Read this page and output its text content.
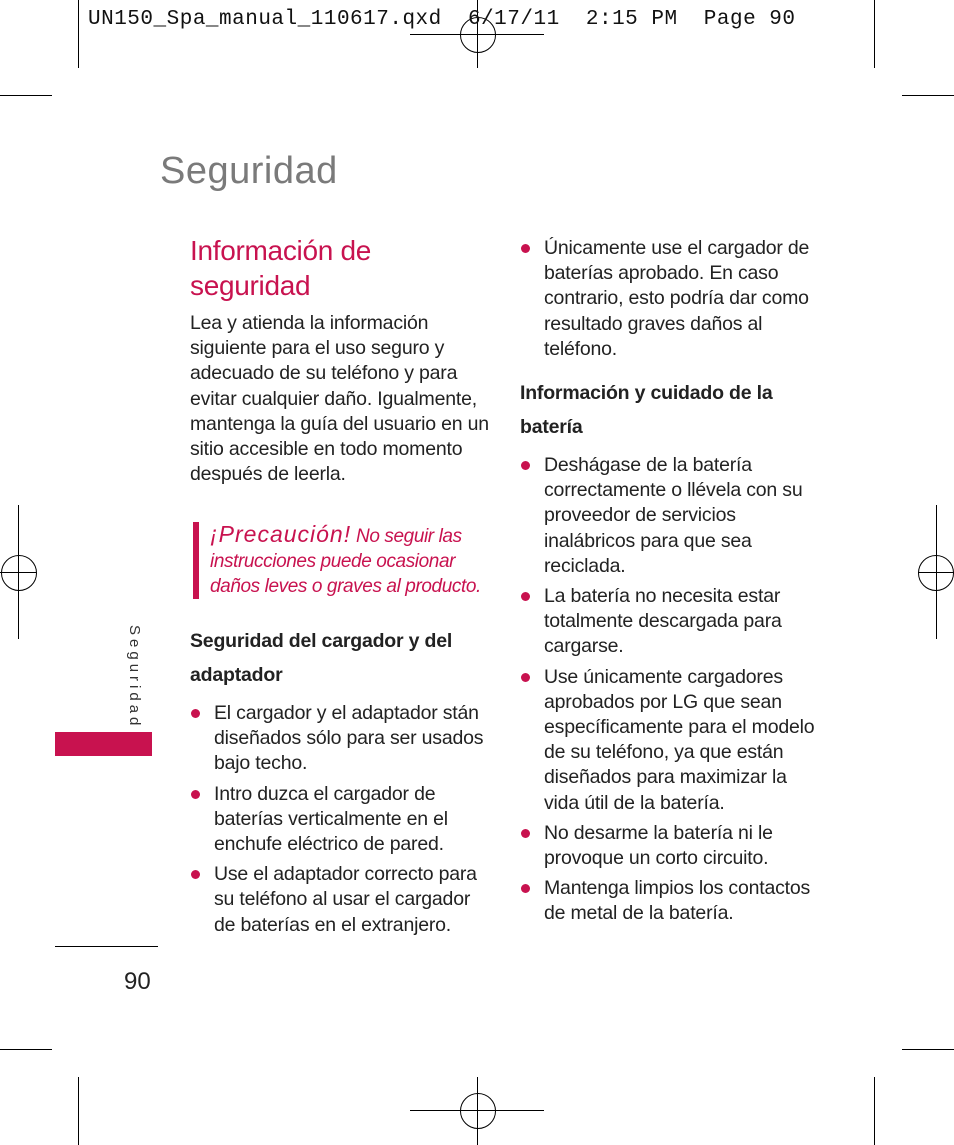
UN150_Spa_manual_110617.qxd  6/17/11  2:15 PM  Page 90
Seguridad
Información de seguridad
Lea y atienda la información siguiente para el uso seguro y adecuado de su teléfono y para evitar cualquier daño. Igualmente, mantenga la guía del usuario en un sitio accesible en todo momento después de leerla.
¡Precaución! No seguir las instrucciones puede ocasionar daños leves o graves al producto.
Seguridad del cargador y del adaptador
El cargador y el adaptador stán diseñados sólo para ser usados bajo techo.
Intro duzca el cargador de baterías verticalmente en el enchufe eléctrico de pared.
Use el adaptador correcto para su teléfono al usar el cargador de baterías en el extranjero.
Únicamente use el cargador de baterías aprobado. En caso contrario, esto podría dar como resultado graves daños al teléfono.
Información y cuidado de la batería
Deshágase de la batería correctamente o llévela con su proveedor de servicios inalábricos para que sea reciclada.
La batería no necesita estar totalmente descargada para cargarse.
Use únicamente cargadores aprobados por LG que sean específicamente para el modelo de su teléfono, ya que están diseñados para maximizar la vida útil de la batería.
No desarme la batería ni le provoque un corto circuito.
Mantenga limpios los contactos de metal de la batería.
Seguridad
90
